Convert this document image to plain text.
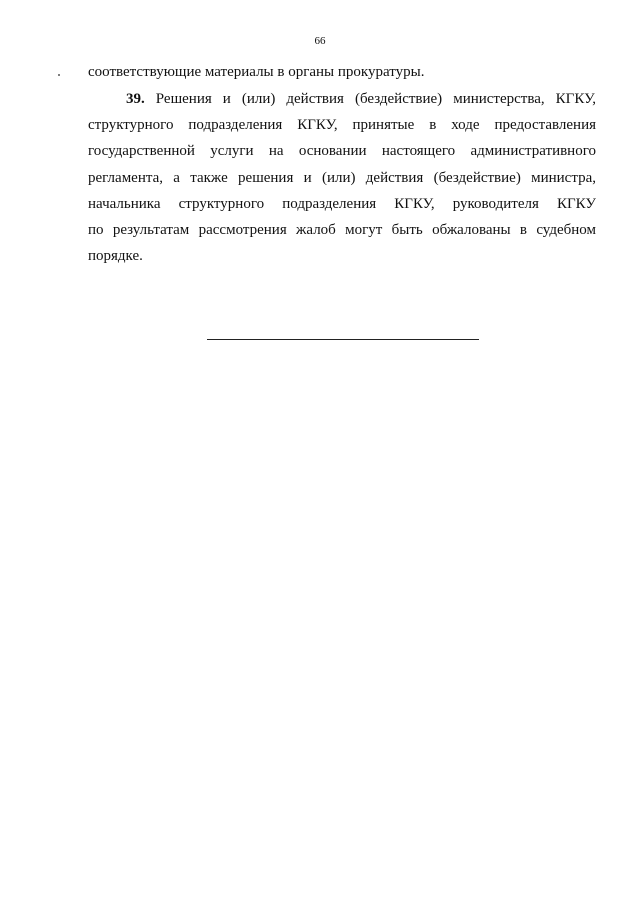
66
соответствующие материалы в органы прокуратуры.
39. Решения и (или) действия (бездействие) министерства, КГКУ,
структурного подразделения КГКУ, принятые в ходе предоставления
государственной услуги на основании настоящего административного
регламента, а также решения и (или) действия (бездействие) министра,
начальника структурного подразделения КГКУ, руководителя КГКУ
по результатам рассмотрения жалоб могут быть обжалованы в судебном
порядке.
